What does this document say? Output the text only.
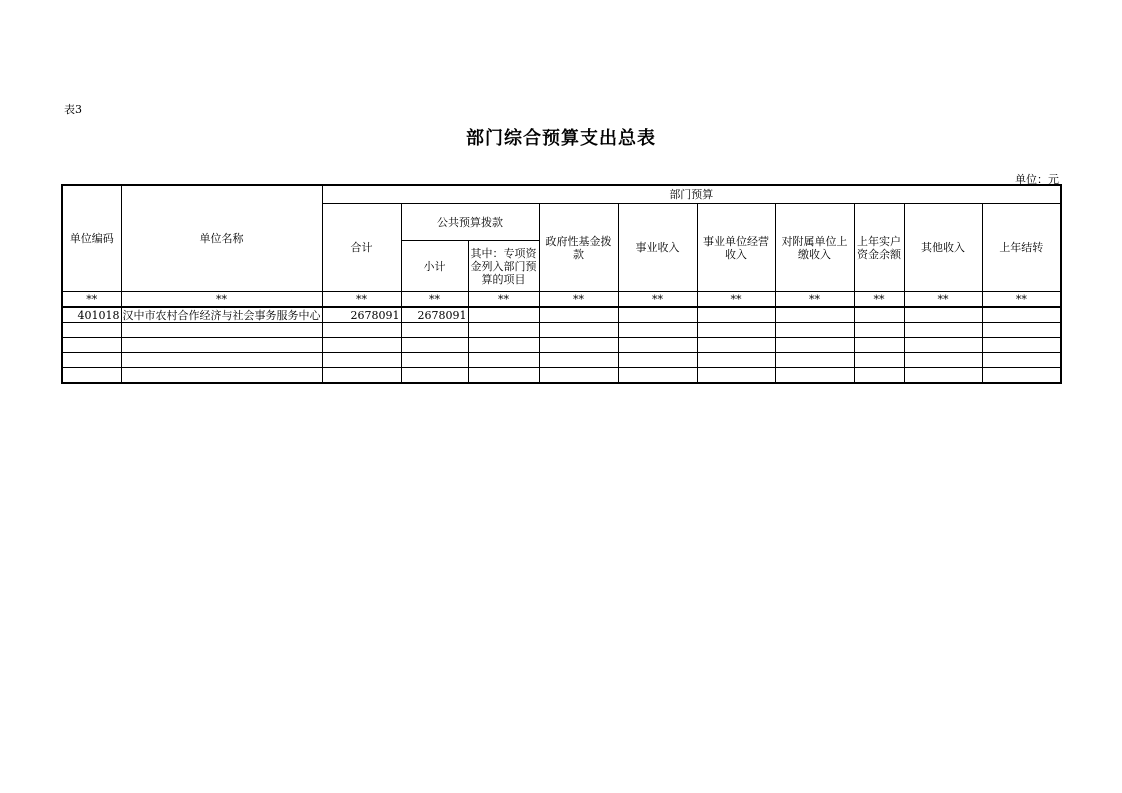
表3
部门综合预算支出总表
单位：元
单位编码	单位名称	部门预算									
		合计	公共预算拨款		政府性基金拨款	事业收入	事业单位经营收入	对附属单位上缴收入	上年实户资金余额	其他收入	上年结转
			小计	其中：专项资金列入部门预算的项目							
**	**	**	**	**	**	**	**	**	**	**	**
401018	汉中市农村合作经济与社会事务服务中心	2678091	2678091								
